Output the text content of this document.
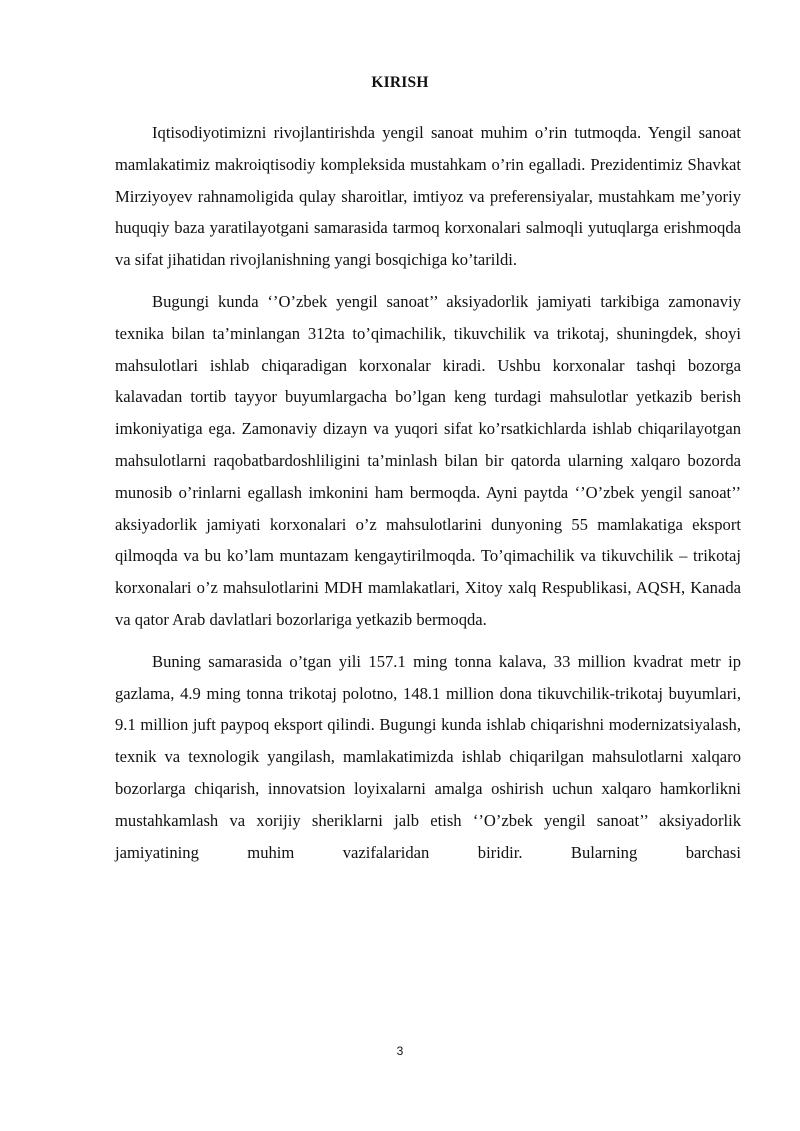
KIRISH

Iqtisodiyotimizni rivojlantirishda yengil sanoat muhim o’rin tutmoqda. Yengil sanoat mamlakatimiz makroiqtisodiy kompleksida mustahkam o’rin egalladi. Prezidentimiz Shavkat Mirziyoyev rahnamoligida qulay sharoitlar, imtiyoz va preferensiyalar, mustahkam me’yoriy huquqiy baza yaratilayotgani samarasida tarmoq korxonalari salmoqli yutuqlarga erishmoqda va sifat jihatidan rivojlanishning yangi bosqichiga ko’tarildi.

Bugungi kunda ‘’O’zbek yengil sanoat’’ aksiyadorlik jamiyati tarkibiga zamonaviy texnika bilan ta’minlangan 312ta to’qimachilik, tikuvchilik va trikotaj, shuningdek, shoyi mahsulotlari ishlab chiqaradigan korxonalar kiradi. Ushbu korxonalar tashqi bozorga kalavadan tortib tayyor buyumlargacha bo’lgan keng turdagi mahsulotlar yetkazib berish imkoniyatiga ega. Zamonaviy dizayn va yuqori sifat ko’rsatkichlarda ishlab chiqarilayotgan mahsulotlarni raqobatbardoshliligini ta’minlash bilan bir qatorda ularning xalqaro bozorda munosib o’rinlarni egallash imkonini ham bermoqda. Ayni paytda ‘’O’zbek yengil sanoat’’ aksiyadorlik jamiyati korxonalari o’z mahsulotlarini dunyoning 55 mamlakatiga eksport qilmoqda va bu ko’lam muntazam kengaytirilmoqda. To’qimachilik va tikuvchilik – trikotaj korxonalari o’z mahsulotlarini MDH mamlakatlari, Xitoy xalq Respublikasi, AQSH, Kanada va qator Arab davlatlari bozorlariga yetkazib bermoqda.

Buning samarasida o’tgan yili 157.1 ming tonna kalava, 33 million kvadrat metr ip gazlama, 4.9 ming tonna trikotaj polotno, 148.1 million dona tikuvchilik-trikotaj buyumlari, 9.1 million juft paypoq eksport qilindi. Bugungi kunda ishlab chiqarishni modernizatsiyalash, texnik va texnologik yangilash, mamlakatimizda ishlab chiqarilgan mahsulotlarni xalqaro bozorlarga chiqarish, innovatsion loyixalarni amalga oshirish uchun xalqaro hamkorlikni mustahkamlash va xorijiy sheriklarni jalb etish ‘’O’zbek yengil sanoat’’ aksiyadorlik jamiyatining muhim vazifalaridan biridir. Bularning barchasi

3
